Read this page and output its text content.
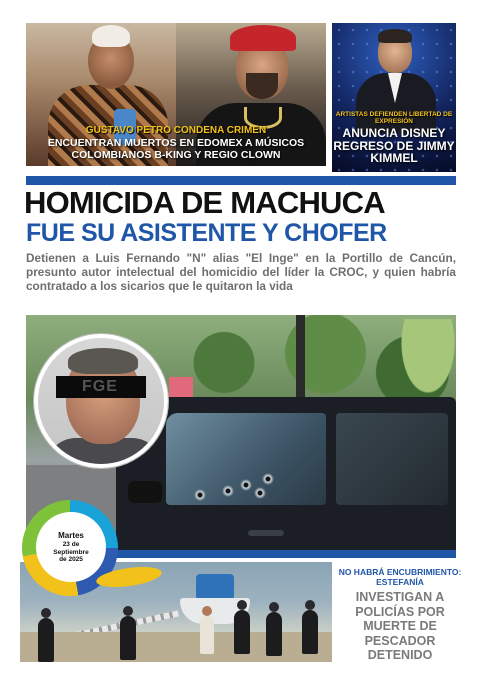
GUSTAVO PETRO CONDENA CRIMEN
ENCUENTRAN MUERTOS EN EDOMEX A MÚSICOS COLOMBIANOS B-KING Y REGIO CLOWN
ARTISTAS DEFIENDEN LIBERTAD DE EXPRESIÓN
ANUNCIA DISNEY REGRESO DE JIMMY KIMMEL
HOMICIDA DE MACHUCA
FUE SU ASISTENTE Y CHOFER
Detienen a Luis Fernando "N" alias "El Inge" en la Portillo de Cancún, presunto autor intelectual del homicidio del líder la CROC, y quien habría contratado a los sicarios que le quitaron la vida
FGE
Martes
23 de Septiembre de 2025
NO HABRÁ ENCUBRIMIENTO: ESTEFANÍA
INVESTIGAN A POLICÍAS POR MUERTE DE PESCADOR DETENIDO
